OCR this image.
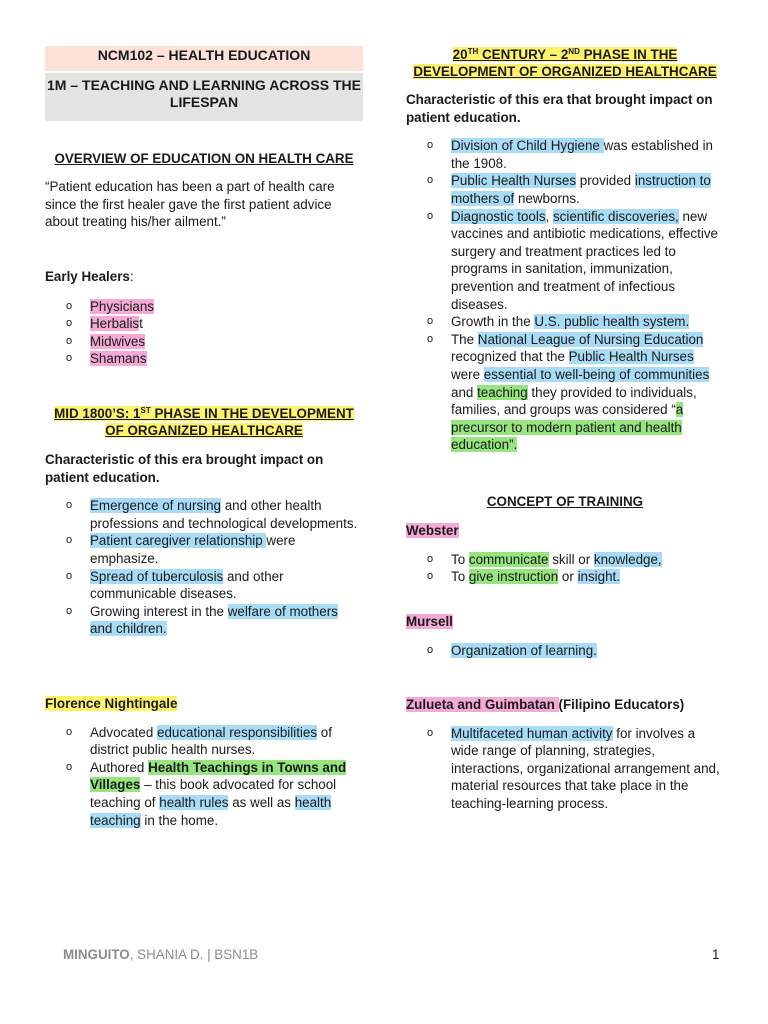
NCM102 – HEALTH EDUCATION
1M – TEACHING AND LEARNING ACROSS THE LIFESPAN
OVERVIEW OF EDUCATION ON HEALTH CARE
“Patient education has been a part of health care since the first healer gave the first patient advice about treating his/her ailment.”
Early Healers:
o Physicians
o Herbalist
o Midwives
o Shamans
MID 1800’S: 1ST PHASE IN THE DEVELOPMENT OF ORGANIZED HEALTHCARE
Characteristic of this era brought impact on patient education.
o Emergence of nursing and other health professions and technological developments.
o Patient caregiver relationship were emphasize.
o Spread of tuberculosis and other communicable diseases.
o Growing interest in the welfare of mothers and children.
Florence Nightingale
o Advocated educational responsibilities of district public health nurses.
o Authored Health Teachings in Towns and Villages – this book advocated for school teaching of health rules as well as health teaching in the home.
20TH CENTURY – 2ND PHASE IN THE DEVELOPMENT OF ORGANIZED HEALTHCARE
Characteristic of this era that brought impact on patient education.
o Division of Child Hygiene was established in the 1908.
o Public Health Nurses provided instruction to mothers of newborns.
o Diagnostic tools, scientific discoveries, new vaccines and antibiotic medications, effective surgery and treatment practices led to programs in sanitation, immunization, prevention and treatment of infectious diseases.
o Growth in the U.S. public health system.
o The National League of Nursing Education recognized that the Public Health Nurses were essential to well-being of communities and teaching they provided to individuals, families, and groups was considered “a precursor to modern patient and health education”.
CONCEPT OF TRAINING
Webster
o To communicate skill or knowledge,
o To give instruction or insight.
Mursell
o Organization of learning.
Zulueta and Guimbatan (Filipino Educators)
o Multifaceted human activity for involves a wide range of planning, strategies, interactions, organizational arrangement and, material resources that take place in the teaching-learning process.
MINGUITO, SHANIA D. | BSN1B	1
